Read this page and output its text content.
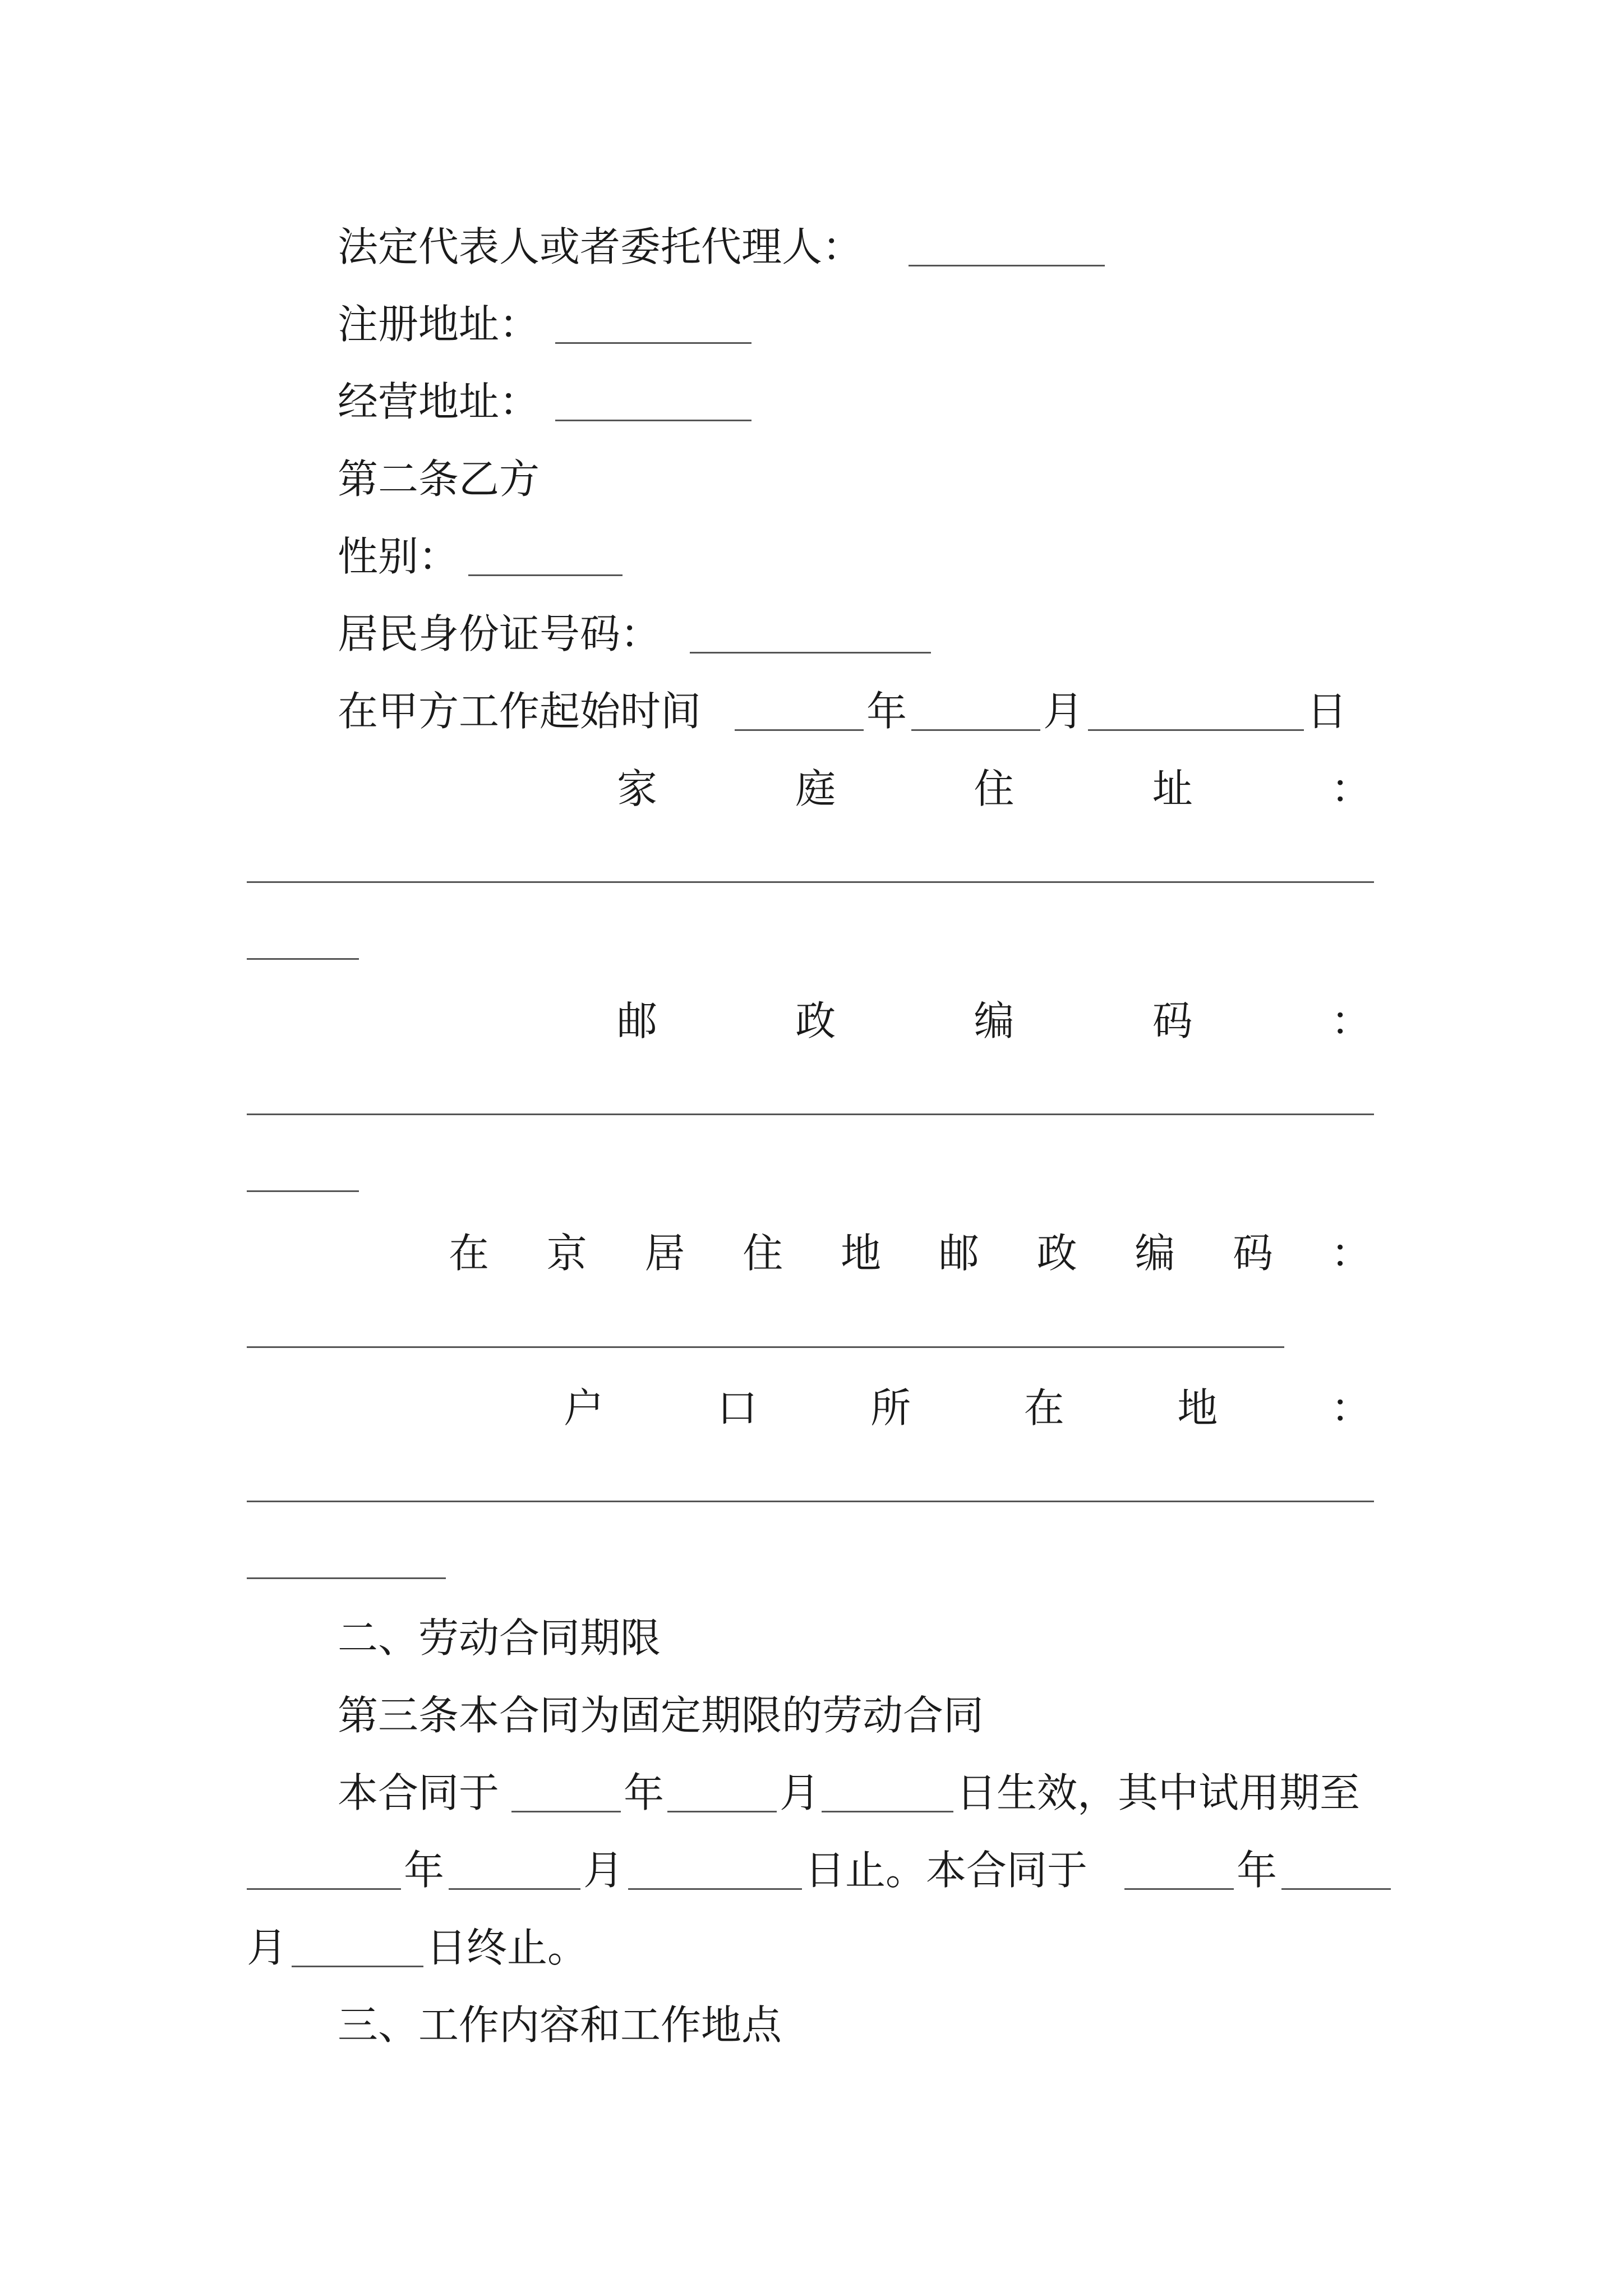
法定代表人或者委托代理人：
注册地址：
经营地址：
第二条乙方
性别：
居民身份证号码：
在甲方工作起始时间	年	月	日
家	庭	住	址	：
邮	政	编	码	：
在 京 居 住 地 邮 政 编 码 ：
户	口	所	在	地	：
二、劳动合同期限
第三条本合同为固定期限的劳动合同
本合同于	年	月	日生效，其中试用期至
年	月	日止。本合同于	年
月	日终止。
三、工作内容和工作地点
